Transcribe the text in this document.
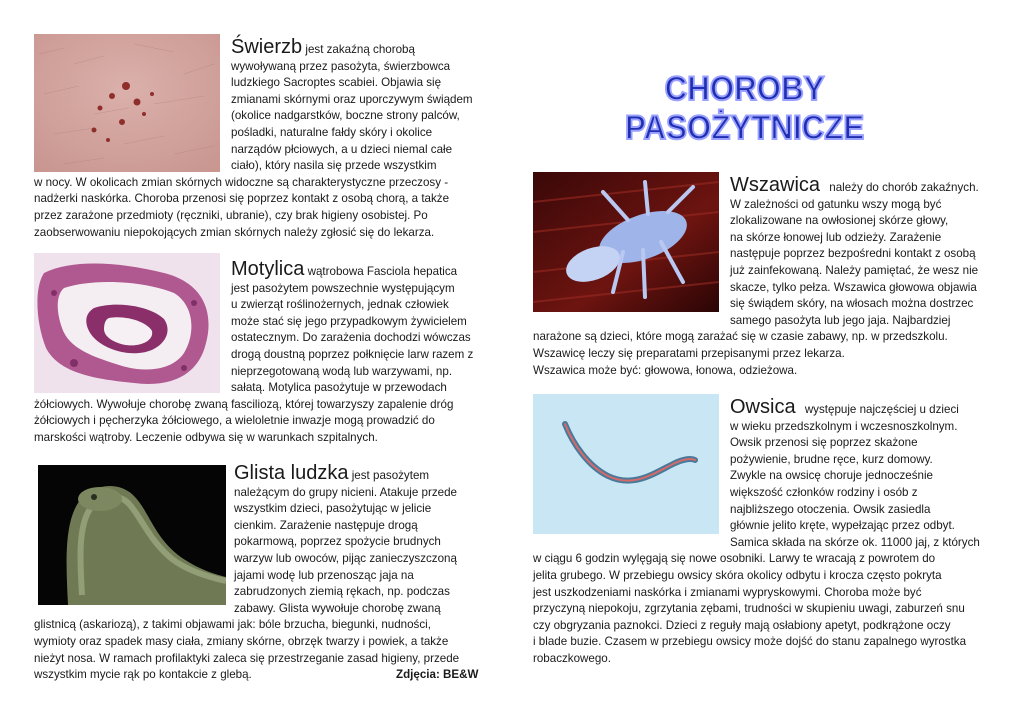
CHOROBY PASOŻYTNICZE
Świerzb jest zakaźną chorobą
wywoływaną przez pasożyta, świerzbowca
ludzkiego Sacroptes scabiei. Objawia się
zmianami skórnymi oraz uporczywym świądem
(okolice nadgarstków, boczne strony palców,
pośladki, naturalne fałdy skóry i okolice
narządów płciowych, a u dzieci niemal całe
ciało), który nasila się przede wszystkim
w nocy. W okolicach zmian skórnych widoczne są charakterystyczne przeczosy -
nadżerki naskórka. Choroba przenosi się poprzez kontakt z osobą chorą, a także
przez zarażone przedmioty (ręczniki, ubranie), czy brak higieny osobistej. Po
zaobserwowaniu niepokojących zmian skórnych należy zgłosić się do lekarza.
Motylica wątrobowa Fasciola hepatica
jest pasożytem powszechnie występującym
u zwierząt roślinożernych, jednak człowiek
może stać się jego przypadkowym żywicielem
ostatecznym. Do zarażenia dochodzi wówczas
drogą doustną poprzez połknięcie larw razem z
nieprzegotowaną wodą lub warzywami, np.
sałatą. Motylica pasożytuje w przewodach
żółciowych. Wywołuje chorobę zwaną fasciliozą, której towarzyszy zapalenie dróg
żółciowych i pęcherzyka żółciowego, a wieloletnie inwazje mogą prowadzić do
marskości wątroby. Leczenie odbywa się w warunkach szpitalnych.
Glista ludzka jest pasożytem
należącym do grupy nicieni. Atakuje przede
wszystkim dzieci, pasożytując w jelicie
cienkim. Zarażenie następuje drogą
pokarmową, poprzez spożycie brudnych
warzyw lub owoców, pijąc zanieczyszczoną
jajami wodę lub przenosząc jaja na
zabrudzonych ziemią rękach, np. podczas
zabawy. Glista wywołuje chorobę zwaną
glistnicą (askariozą), z takimi objawami jak: bóle brzucha, biegunki, nudności,
wymioty oraz spadek masy ciała, zmiany skórne, obrzęk twarzy i powiek, a także
nieżyt nosa. W ramach profilaktyki zaleca się przestrzeganie zasad higieny, przede
wszystkim mycie rąk po kontakcie z glebą.	Zdjęcia: BE&W
Wszawica należy do chorób zakaźnych.
W zależności od gatunku wszy mogą być
zlokalizowane na owłosionej skórze głowy,
na skórze łonowej lub odzieży. Zarażenie
następuje poprzez bezpośredni kontakt z osobą
już zainfekowaną. Należy pamiętać, że wesz nie
skacze, tylko pełza. Wszawica głowowa objawia
się świądem skóry, na włosach można dostrzec
samego pasożyta lub jego jaja. Najbardziej
narażone są dzieci, które mogą zarażać się w czasie zabawy, np. w przedszkolu.
Wszawicę leczy się preparatami przepisanymi przez lekarza.
Wszawica może być: głowowa, łonowa, odzieżowa.
Owsica występuje najczęściej u dzieci
w wieku przedszkolnym i wczesnoszkolnym.
Owsik przenosi się poprzez skażone
pożywienie, brudne ręce, kurz domowy.
Zwykle na owsicę choruje jednocześnie
większość członków rodziny i osób z
najbliższego otoczenia. Owsik zasiedla
głównie jelito kręte, wypełzając przez odbyt.
Samica składa na skórze ok. 11000 jaj, z których
w ciągu 6 godzin wylęgają się nowe osobniki. Larwy te wracają z powrotem do
jelita grubego. W przebiegu owsicy skóra okolicy odbytu i krocza często pokryta
jest uszkodzeniami naskórka i zmianami wypryskowymi. Choroba może być
przyczyną niepokoju, zgrzytania zębami, trudności w skupieniu uwagi, zaburzeń snu
czy obgryzania paznokci. Dzieci z reguły mają osłabiony apetyt, podkrążone oczy
i blade buzie. Czasem w przebiegu owsicy może dojść do stanu zapalnego wyrostka
robaczkowego.
